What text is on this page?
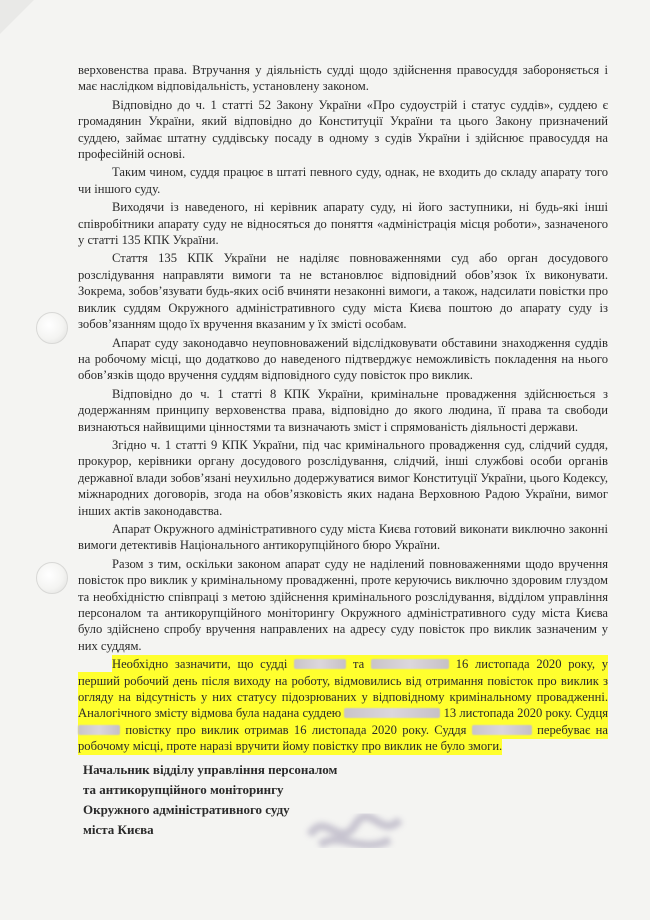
верховенства права. Втручання у діяльність судді щодо здійснення правосуддя забороняється і має наслідком відповідальність, установлену законом.

Відповідно до ч. 1 статті 52 Закону України «Про судоустрій і статус суддів», суддею є громадянин України, який відповідно до Конституції України та цього Закону призначений суддею, займає штатну суддівську посаду в одному з судів України і здійснює правосуддя на професійній основі.

Таким чином, суддя працює в штаті певного суду, однак, не входить до складу апарату того чи іншого суду.

Виходячи із наведеного, ні керівник апарату суду, ні його заступники, ні будь-які інші співробітники апарату суду не відносяться до поняття «адміністрація місця роботи», зазначеного у статті 135 КПК України.

Стаття 135 КПК України не наділяє повноваженнями суд або орган досудового розслідування направляти вимоги та не встановлює відповідний обов’язок їх виконувати. Зокрема, зобов’язувати будь-яких осіб вчиняти незаконні вимоги, а також, надсилати повістки про виклик суддям Окружного адміністративного суду міста Києва поштою до апарату суду із зобов’язанням щодо їх вручення вказаним у їх змісті особам.

Апарат суду законодавчо неуповноважений відслідковувати обставини знаходження суддів на робочому місці, що додатково до наведеного підтверджує неможливість покладення на нього обов’язків щодо вручення суддям відповідного суду повісток про виклик.

Відповідно до ч. 1 статті 8 КПК України, кримінальне провадження здійснюється з додержанням принципу верховенства права, відповідно до якого людина, її права та свободи визнаються найвищими цінностями та визначають зміст і спрямованість діяльності держави.

Згідно ч. 1 статті 9 КПК України, під час кримінального провадження суд, слідчий суддя, прокурор, керівники органу досудового розслідування, слідчий, інші службові особи органів державної влади зобов’язані неухильно додержуватися вимог Конституції України, цього Кодексу, міжнародних договорів, згода на обов’язковість яких надана Верховною Радою України, вимог інших актів законодавства.

Апарат Окружного адміністративного суду міста Києва готовий виконати виключно законні вимоги детективів Національного антикорупційного бюро України.

Разом з тим, оскільки законом апарат суду не наділений повноваженнями щодо вручення повісток про виклик у кримінальному провадженні, проте керуючись виключно здоровим глуздом та необхідністю співпраці з метою здійснення кримінального розслідування, відділом управління персоналом та антикорупційного моніторингу Окружного адміністративного суду міста Києва було здійснено спробу вручення направлених на адресу суду повісток про виклик зазначеним у них суддям.

Необхідно зазначити, що судді	та	16 листопада 2020 року, у перший робочий день після виходу на роботу, відмовились від отримання повісток про виклик з огляду на відсутність у них статусу підозрюваних у відповідному кримінальному провадженні. Аналогічного змісту відмова була надана суддею	13 листопада 2020 року. Судця  повістку про виклик отримав 16 листопада 2020 року. Суддя	перебуває на робочому місці, проте наразі вручити йому повістку про виклик не було змоги.

Начальник відділу управління персоналом
та антикорупційного моніторингу
Окружного адміністративного суду
міста Києва
